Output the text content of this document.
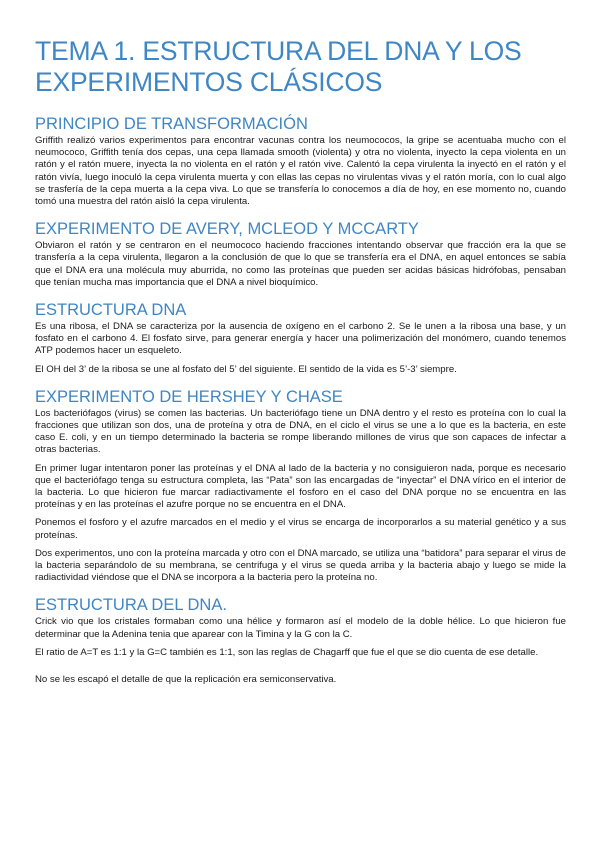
TEMA 1. ESTRUCTURA DEL DNA Y LOS EXPERIMENTOS CLÁSICOS
PRINCIPIO DE TRANSFORMACIÓN

Griffith realizó varios experimentos para encontrar vacunas contra los neumococos, la gripe se acentuaba mucho con el neumococo, Griffith tenía dos cepas, una cepa llamada smooth (violenta) y otra no violenta, inyecto la cepa violenta en un ratón y el ratón muere, inyecta la no violenta en el ratón y el ratón vive. Calentó la cepa virulenta la inyectó en el ratón y el ratón vivía, luego inoculó la cepa virulenta muerta y con ellas las cepas no virulentas vivas y el ratón moría, con lo cual algo se trasfería de la cepa muerta a la cepa viva. Lo que se transfería lo conocemos a día de hoy, en ese momento no, cuando tomó una muestra del ratón aisló la cepa virulenta.

EXPERIMENTO DE AVERY, MCLEOD Y MCCARTY

Obviaron el ratón y se centraron en el neumococo haciendo fracciones intentando observar que fracción era la que se transfería a la cepa virulenta, llegaron a la conclusión de que lo que se transfería era el DNA, en aquel entonces se sabía que el DNA era una molécula muy aburrida, no como las proteínas que pueden ser acidas básicas hidrófobas, pensaban que tenían mucha mas importancia que el DNA a nivel bioquímico.

ESTRUCTURA DNA

Es una ribosa, el DNA se caracteriza por la ausencia de oxígeno en el carbono 2. Se le unen a la ribosa una base, y un fosfato en el carbono 4. El fosfato sirve, para generar energía y hacer una polimerización del monómero, cuando tenemos ATP podemos hacer un esqueleto.

El OH del 3’ de la ribosa se une al fosfato del 5’ del siguiente. El sentido de la vida es 5’-3’ siempre.

EXPERIMENTO DE HERSHEY Y CHASE

Los bacteriófagos (virus) se comen las bacterias. Un bacteriófago tiene un DNA dentro y el resto es proteína con lo cual la fracciones que utilizan son dos, una de proteína y otra de DNA, en el ciclo el virus se une a lo que es la bacteria, en este caso E. coli, y en un tiempo determinado la bacteria se rompe liberando millones de virus que son capaces de infectar a otras bacterias.

En primer lugar intentaron poner las proteínas y el DNA al lado de la bacteria y no consiguieron nada, porque es necesario que el bacteriófago tenga su estructura completa, las “Pata” son las encargadas de “inyectar” el DNA vírico en el interior de la bacteria. Lo que hicieron fue marcar radiactivamente el fosforo en el caso del DNA porque no se encuentra en las proteínas y en las proteínas el azufre porque no se encuentra en el DNA.

Ponemos el fosforo y el azufre marcados en el medio y el virus se encarga de incorporarlos a su material genético y a sus proteínas.

Dos experimentos, uno con la proteína marcada y otro con el DNA marcado, se utiliza una “batidora” para separar el virus de la bacteria separándolo de su membrana, se centrifuga y el virus se queda arriba y la bacteria abajo y luego se mide la radiactividad viéndose que el DNA se incorpora a la bacteria pero la proteína no.

ESTRUCTURA DEL DNA.

Crick vio que los cristales formaban como una hélice y formaron así el modelo de la doble hélice. Lo que hicieron fue determinar que la Adenina tenia que aparear con la Timina y la G con la C.

El ratio de A=T es 1:1 y la G=C también es 1:1, son las reglas de Chagarff que fue el que se dio cuenta de ese detalle.

No se les escapó el detalle de que la replicación era semiconservativa.
